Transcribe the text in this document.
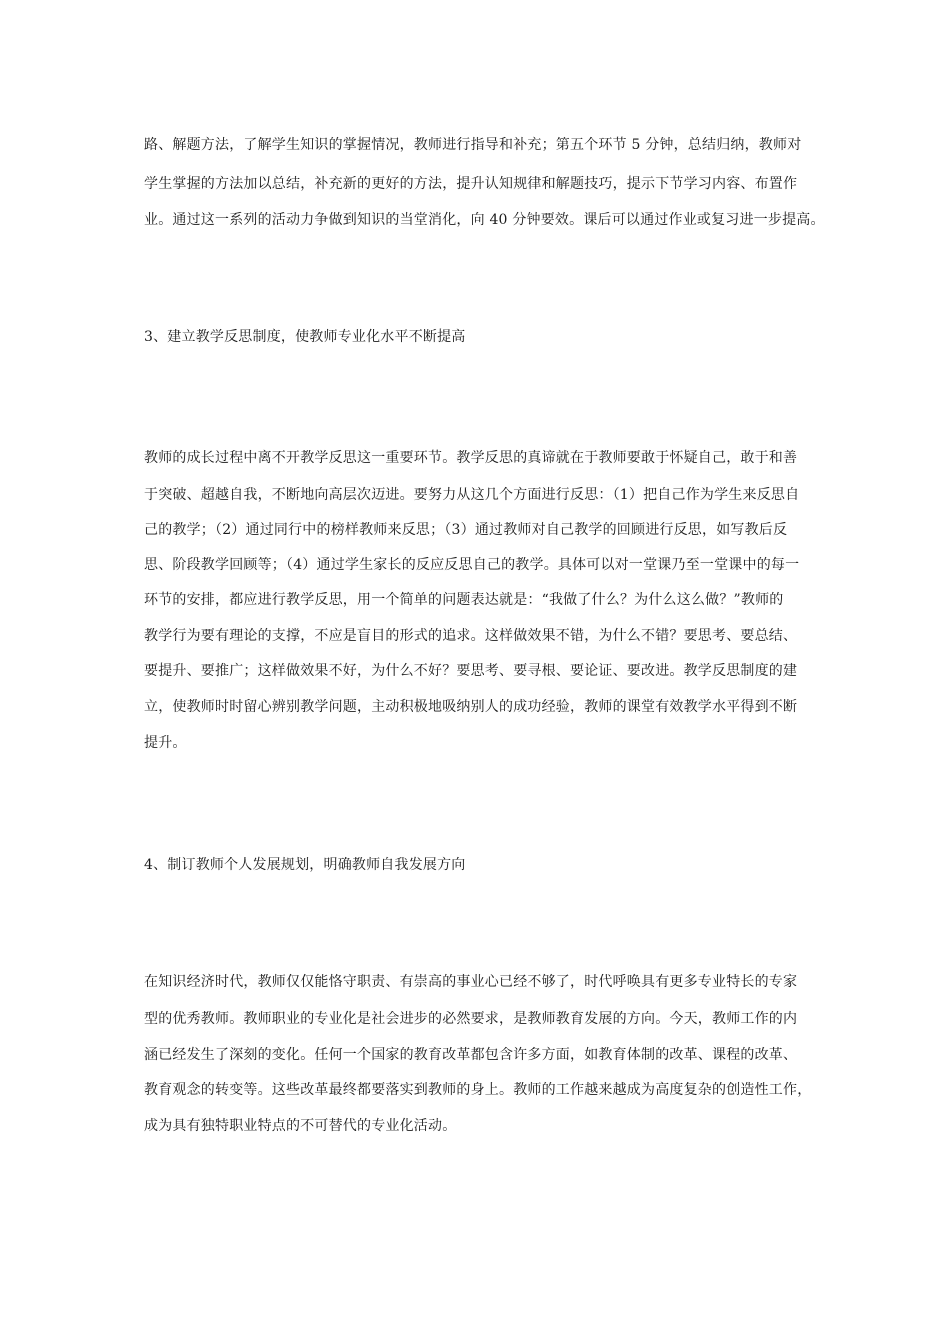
路、解题方法，了解学生知识的掌握情况，教师进行指导和补充；第五个环节 5 分钟，总结归纳，教师对
学生掌握的方法加以总结，补充新的更好的方法，提升认知规律和解题技巧，提示下节学习内容、布置作
业。通过这一系列的活动力争做到知识的当堂消化，向 40 分钟要效。课后可以通过作业或复习进一步提高。
3、建立教学反思制度，使教师专业化水平不断提高
教师的成长过程中离不开教学反思这一重要环节。教学反思的真谛就在于教师要敢于怀疑自己，敢于和善
于突破、超越自我，不断地向高层次迈进。要努力从这几个方面进行反思：（1）把自己作为学生来反思自
己的教学；（2）通过同行中的榜样教师来反思；（3）通过教师对自己教学的回顾进行反思，如写教后反
思、阶段教学回顾等；（4）通过学生家长的反应反思自己的教学。具体可以对一堂课乃至一堂课中的每一
环节的安排，都应进行教学反思，用一个简单的问题表达就是：“我做了什么？为什么这么做？”教师的
教学行为要有理论的支撑，不应是盲目的形式的追求。这样做效果不错，为什么不错？要思考、要总结、
要提升、要推广；这样做效果不好，为什么不好？要思考、要寻根、要论证、要改进。教学反思制度的建
立，使教师时时留心辨别教学问题，主动积极地吸纳别人的成功经验，教师的课堂有效教学水平得到不断
提升。
4、制订教师个人发展规划，明确教师自我发展方向
在知识经济时代，教师仅仅能恪守职责、有崇高的事业心已经不够了，时代呼唤具有更多专业特长的专家
型的优秀教师。教师职业的专业化是社会进步的必然要求，是教师教育发展的方向。今天，教师工作的内
涵已经发生了深刻的变化。任何一个国家的教育改革都包含许多方面，如教育体制的改革、课程的改革、
教育观念的转变等。这些改革最终都要落实到教师的身上。教师的工作越来越成为高度复杂的创造性工作，
成为具有独特职业特点的不可替代的专业化活动。
